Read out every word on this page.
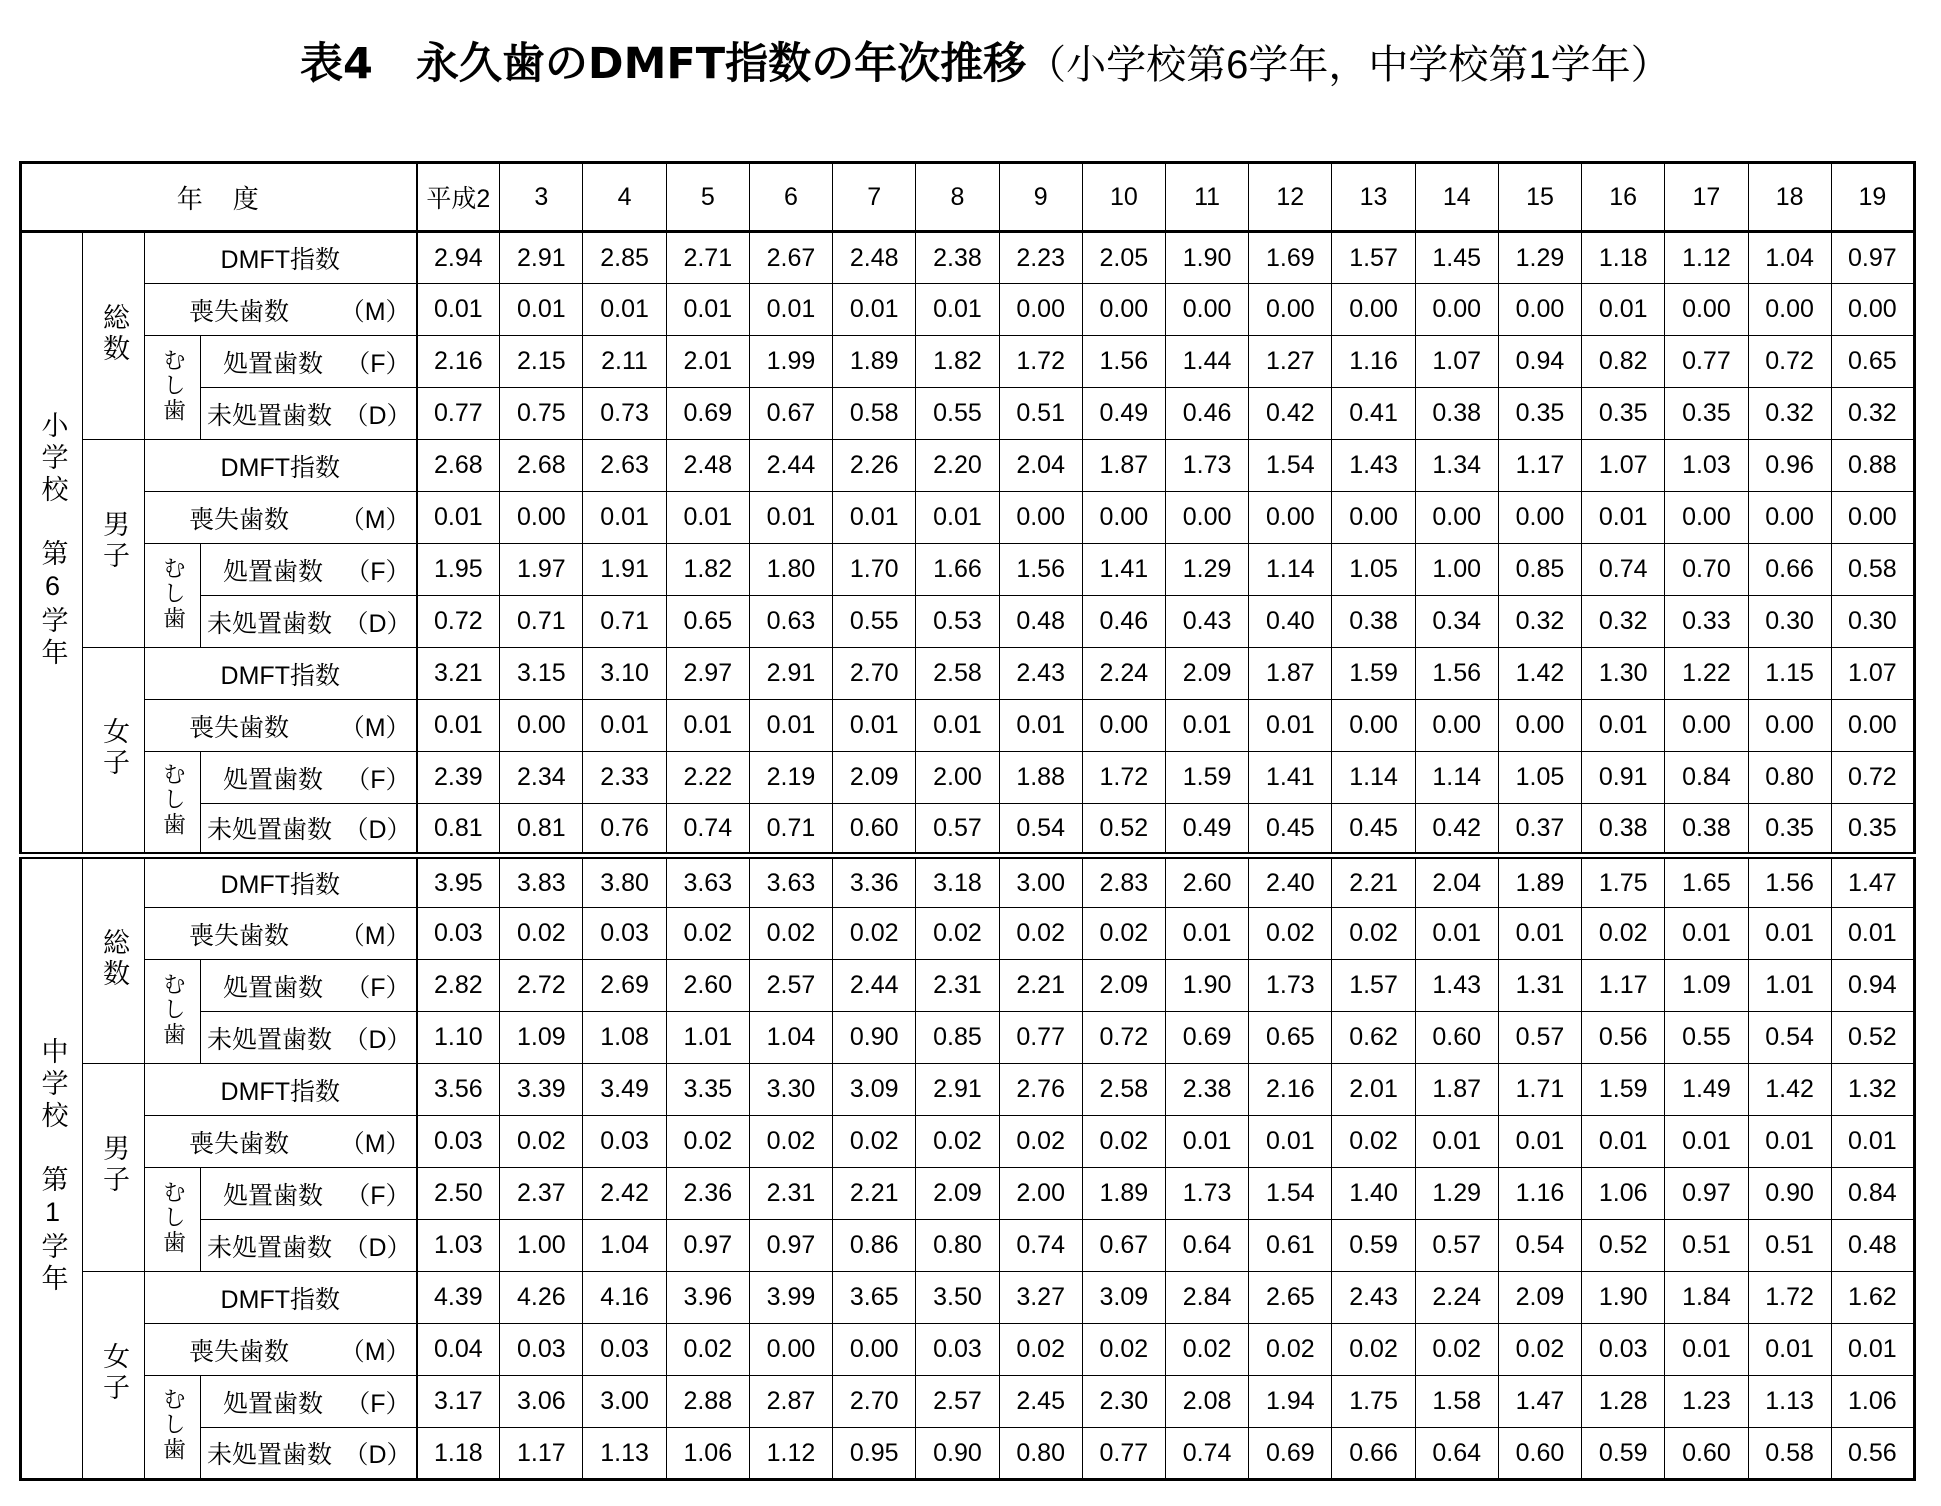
表4　永久歯のDMFT指数の年次推移（小学校第6学年，中学校第1学年）
年　度				平成2	3	4	5	6	7	8	9	10	11	12	13	14	15	16	17	18	19
小学校　第6学年	総数	DMFT指数		2.94	2.91	2.85	2.71	2.67	2.48	2.38	2.23	2.05	1.90	1.69	1.57	1.45	1.29	1.18	1.12	1.04	0.97

		喪失歯数 （M）		0.01	0.01	0.01	0.01	0.01	0.01	0.01	0.00	0.00	0.00	0.00	0.00	0.00	0.00	0.01	0.00	0.00	0.00
		むし歯	処置歯数 （F）	2.16	2.15	2.11	2.01	1.99	1.89	1.82	1.72	1.56	1.44	1.27	1.16	1.07	0.94	0.82	0.77	0.72	0.65

			未処置歯数 （D）	0.77	0.75	0.73	0.69	0.67	0.58	0.55	0.51	0.49	0.46	0.42	0.41	0.38	0.35	0.35	0.35	0.32	0.32
	男子	DMFT指数		2.68	2.68	2.63	2.48	2.44	2.26	2.20	2.04	1.87	1.73	1.54	1.43	1.34	1.17	1.07	1.03	0.96	0.88

		喪失歯数 （M）		0.01	0.00	0.01	0.01	0.01	0.01	0.01	0.00	0.00	0.00	0.00	0.00	0.00	0.00	0.01	0.00	0.00	0.00
		むし歯	処置歯数 （F）	1.95	1.97	1.91	1.82	1.80	1.70	1.66	1.56	1.41	1.29	1.14	1.05	1.00	0.85	0.74	0.70	0.66	0.58

			未処置歯数 （D）	0.72	0.71	0.71	0.65	0.63	0.55	0.53	0.48	0.46	0.43	0.40	0.38	0.34	0.32	0.32	0.33	0.30	0.30
	女子	DMFT指数		3.21	3.15	3.10	2.97	2.91	2.70	2.58	2.43	2.24	2.09	1.87	1.59	1.56	1.42	1.30	1.22	1.15	1.07

		喪失歯数 （M）		0.01	0.00	0.01	0.01	0.01	0.01	0.01	0.01	0.00	0.01	0.01	0.00	0.00	0.00	0.01	0.00	0.00	0.00
		むし歯	処置歯数 （F）	2.39	2.34	2.33	2.22	2.19	2.09	2.00	1.88	1.72	1.59	1.41	1.14	1.14	1.05	0.91	0.84	0.80	0.72

			未処置歯数 （D）	0.81	0.81	0.76	0.74	0.71	0.60	0.57	0.54	0.52	0.49	0.45	0.45	0.42	0.37	0.38	0.38	0.35	0.35
中学校　第1学年	総数	DMFT指数		3.95	3.83	3.80	3.63	3.63	3.36	3.18	3.00	2.83	2.60	2.40	2.21	2.04	1.89	1.75	1.65	1.56	1.47

		喪失歯数 （M）		0.03	0.02	0.03	0.02	0.02	0.02	0.02	0.02	0.02	0.01	0.02	0.02	0.01	0.01	0.02	0.01	0.01	0.01
		むし歯	処置歯数 （F）	2.82	2.72	2.69	2.60	2.57	2.44	2.31	2.21	2.09	1.90	1.73	1.57	1.43	1.31	1.17	1.09	1.01	0.94

			未処置歯数 （D）	1.10	1.09	1.08	1.01	1.04	0.90	0.85	0.77	0.72	0.69	0.65	0.62	0.60	0.57	0.56	0.55	0.54	0.52
	男子	DMFT指数		3.56	3.39	3.49	3.35	3.30	3.09	2.91	2.76	2.58	2.38	2.16	2.01	1.87	1.71	1.59	1.49	1.42	1.32

		喪失歯数 （M）		0.03	0.02	0.03	0.02	0.02	0.02	0.02	0.02	0.02	0.01	0.01	0.02	0.01	0.01	0.01	0.01	0.01	0.01
		むし歯	処置歯数 （F）	2.50	2.37	2.42	2.36	2.31	2.21	2.09	2.00	1.89	1.73	1.54	1.40	1.29	1.16	1.06	0.97	0.90	0.84

			未処置歯数 （D）	1.03	1.00	1.04	0.97	0.97	0.86	0.80	0.74	0.67	0.64	0.61	0.59	0.57	0.54	0.52	0.51	0.51	0.48
	女子	DMFT指数		4.39	4.26	4.16	3.96	3.99	3.65	3.50	3.27	3.09	2.84	2.65	2.43	2.24	2.09	1.90	1.84	1.72	1.62

		喪失歯数 （M）		0.04	0.03	0.03	0.02	0.00	0.00	0.03	0.02	0.02	0.02	0.02	0.02	0.02	0.02	0.03	0.01	0.01	0.01
		むし歯	処置歯数 （F）	3.17	3.06	3.00	2.88	2.87	2.70	2.57	2.45	2.30	2.08	1.94	1.75	1.58	1.47	1.28	1.23	1.13	1.06

			未処置歯数 （D）	1.18	1.17	1.13	1.06	1.12	0.95	0.90	0.80	0.77	0.74	0.69	0.66	0.64	0.60	0.59	0.60	0.58	0.56
